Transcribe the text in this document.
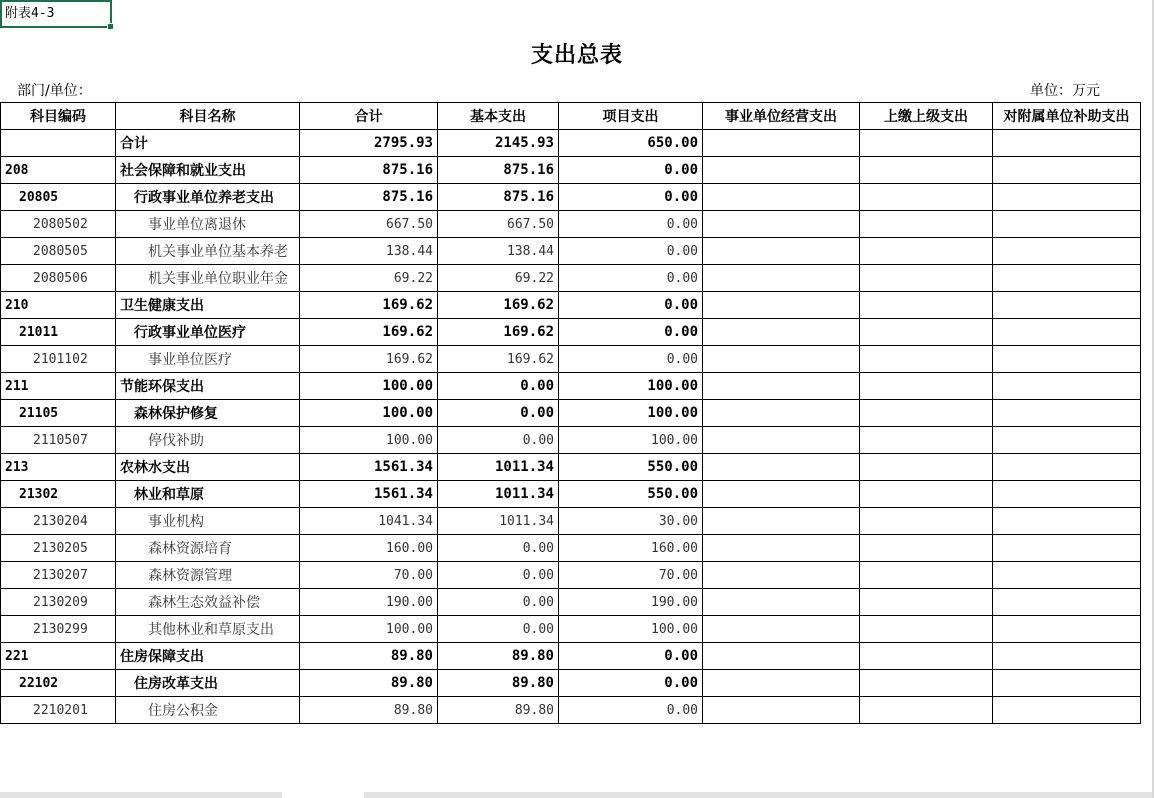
附表4-3
支出总表
部门/单位：	单位：万元
科目编码	科目名称	合计	基本支出	项目支出	事业单位经营支出	上缴上级支出	对附属单位补助支出
	合计	2795.93	2145.93	650.00			
208	社会保障和就业支出	875.16	875.16	0.00			
20805	行政事业单位养老支出	875.16	875.16	0.00			
2080502	事业单位离退休	667.50	667.50	0.00			
2080505	机关事业单位基本养老	138.44	138.44	0.00			
2080506	机关事业单位职业年金	69.22	69.22	0.00			
210	卫生健康支出	169.62	169.62	0.00			
21011	行政事业单位医疗	169.62	169.62	0.00			
2101102	事业单位医疗	169.62	169.62	0.00			
211	节能环保支出	100.00	0.00	100.00			
21105	森林保护修复	100.00	0.00	100.00			
2110507	停伐补助	100.00	0.00	100.00			
213	农林水支出	1561.34	1011.34	550.00			
21302	林业和草原	1561.34	1011.34	550.00			
2130204	事业机构	1041.34	1011.34	30.00			
2130205	森林资源培育	160.00	0.00	160.00			
2130207	森林资源管理	70.00	0.00	70.00			
2130209	森林生态效益补偿	190.00	0.00	190.00			
2130299	其他林业和草原支出	100.00	0.00	100.00			
221	住房保障支出	89.80	89.80	0.00			
22102	住房改革支出	89.80	89.80	0.00			
2210201	住房公积金	89.80	89.80	0.00			
